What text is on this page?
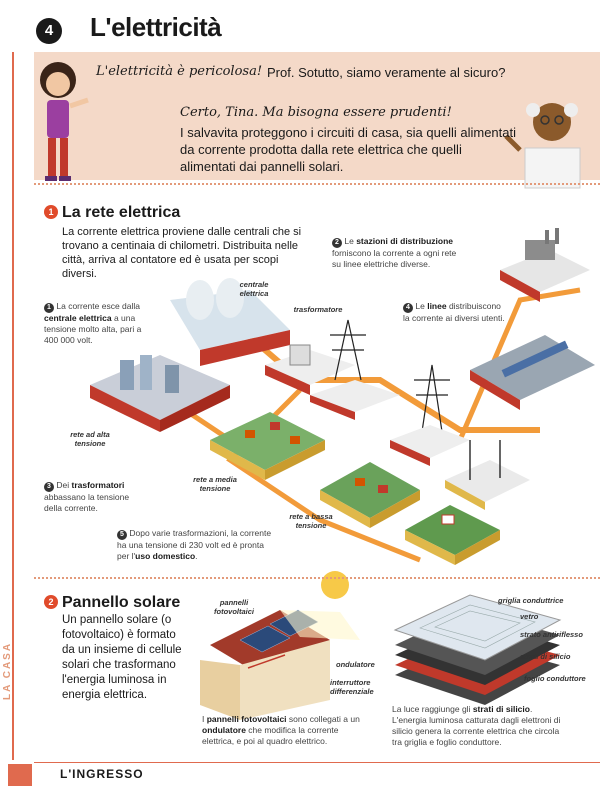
4	L'elettricità
LA CASA
L'elettricità è pericolosa! Prof. Sotutto, siamo veramente al sicuro?
Certo, Tina. Ma bisogna essere prudenti!
I salvavita proteggono i circuiti di casa, sia quelli alimentati da corrente prodotta dalla rete elettrica che quelli alimentati dai pannelli solari.
1 La rete elettrica
La corrente elettrica proviene dalle centrali che si trovano a centinaia di chilometri. Distribuita nelle città, arriva al contatore ed è usata per scopi diversi.
1 La corrente esce dalla centrale elettrica a una tensione molto alta, pari a 400 000 volt.
2 Le stazioni di distribuzione forniscono la corrente a ogni rete su linee elettriche diverse.
3 Dei trasformatori abbassano la tensione della corrente.
4 Le linee distribuiscono la corrente ai diversi utenti.
5 Dopo varie trasformazioni, la corrente ha una tensione di 230 volt ed è pronta per l'uso domestico.
centrale elettrica
trasformatore
rete ad alta tensione
rete a media tensione
rete a bassa tensione
2 Pannello solare
Un pannello solare (o fotovoltaico) è formato da un insieme di cellule solari che trasformano l'energia luminosa in energia elettrica.
pannelli fotovoltaici
ondulatore
interruttore differenziale
griglia conduttrice
vetro
strato antiriflesso
strati di silicio
foglio conduttore
I pannelli fotovoltaici sono collegati a un ondulatore che modifica la corrente elettrica, e poi al quadro elettrico.
La luce raggiunge gli strati di silicio. L'energia luminosa catturata dagli elettroni di silicio genera la corrente elettrica che circola tra griglia e foglio conduttore.
L'INGRESSO
